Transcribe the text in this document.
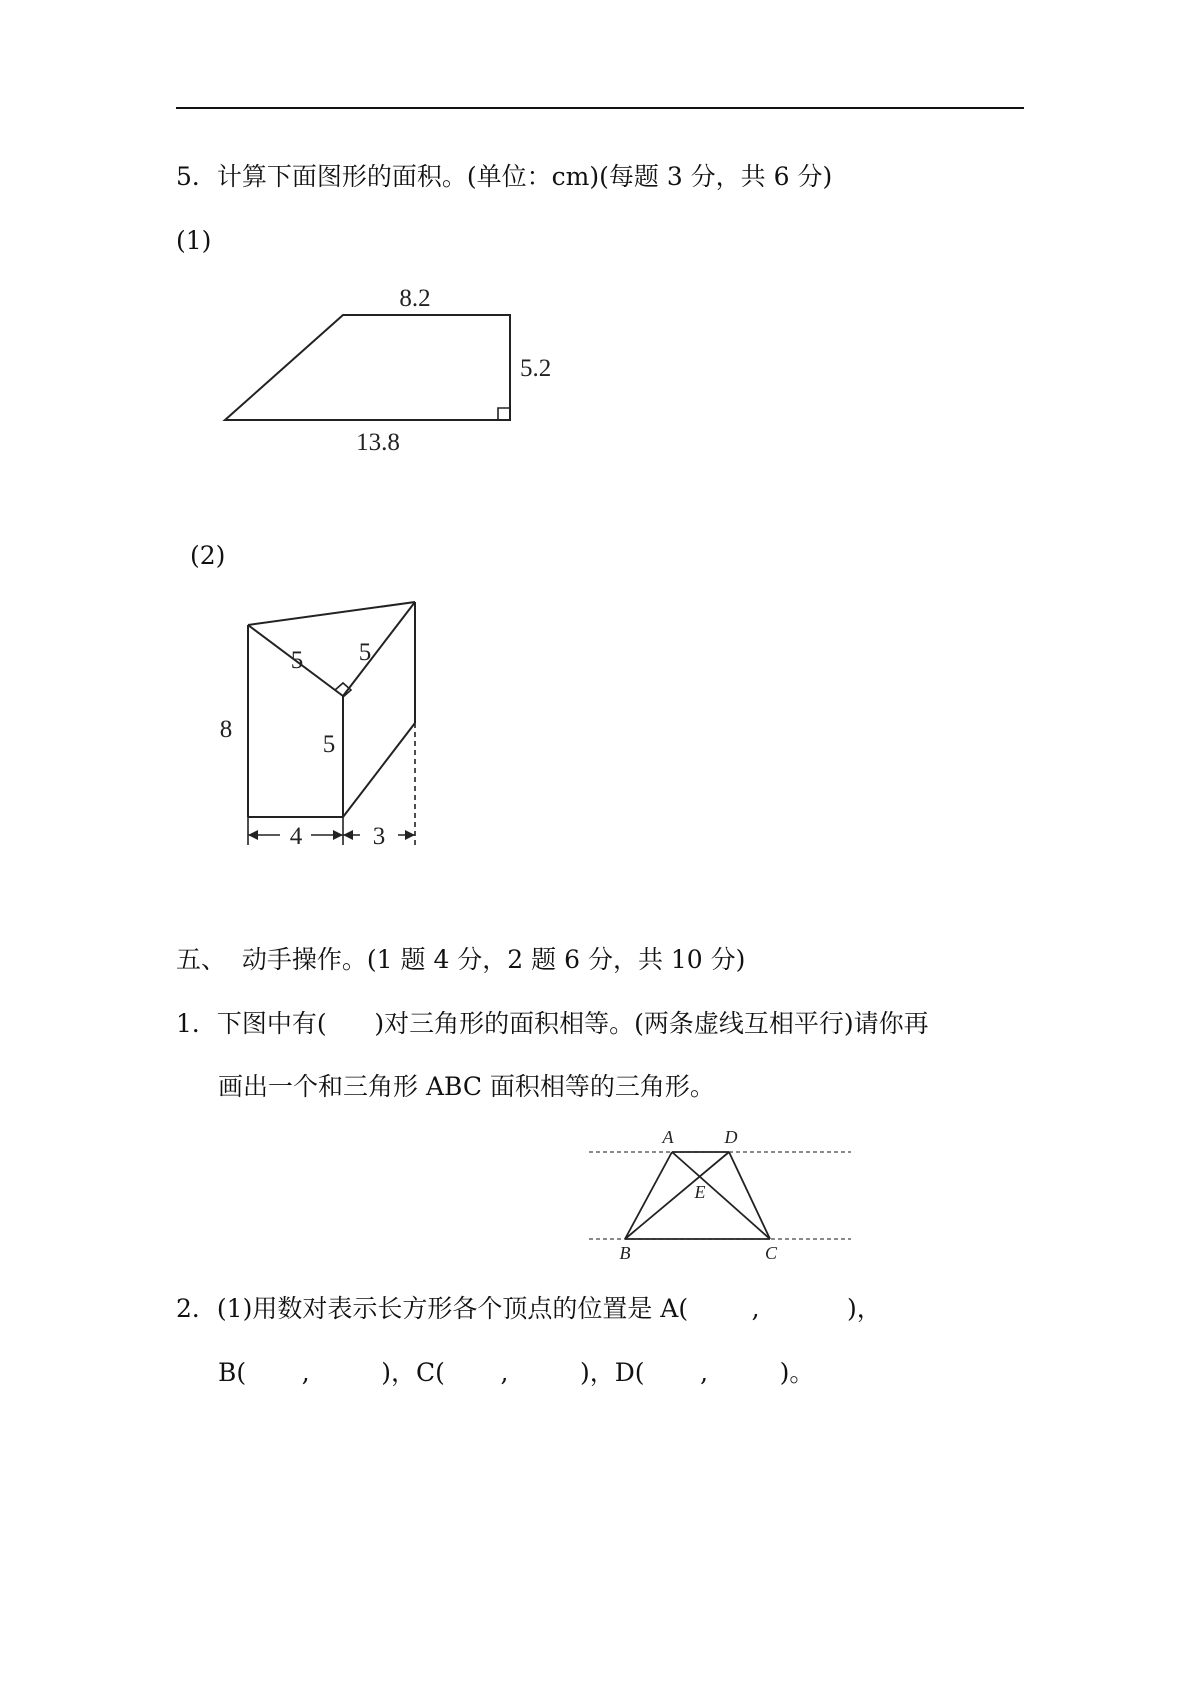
5．计算下面图形的面积。(单位：cm)(每题 3 分，共 6 分)
(1)
8.2
5.2
13.8
(2)
5 5
8
5
4	3
五、  动手操作。(1 题 4 分，2 题 6 分，共 10 分)
1．下图中有(      )对三角形的面积相等。(两条虚线互相平行)请你再
画出一个和三角形 ABC 面积相等的三角形。
A	D
E
B	C
2．(1)用数对表示长方形各个顶点的位置是 A(        ,           )，
B(       ,         )，C(       ,         )，D(       ,         )。
